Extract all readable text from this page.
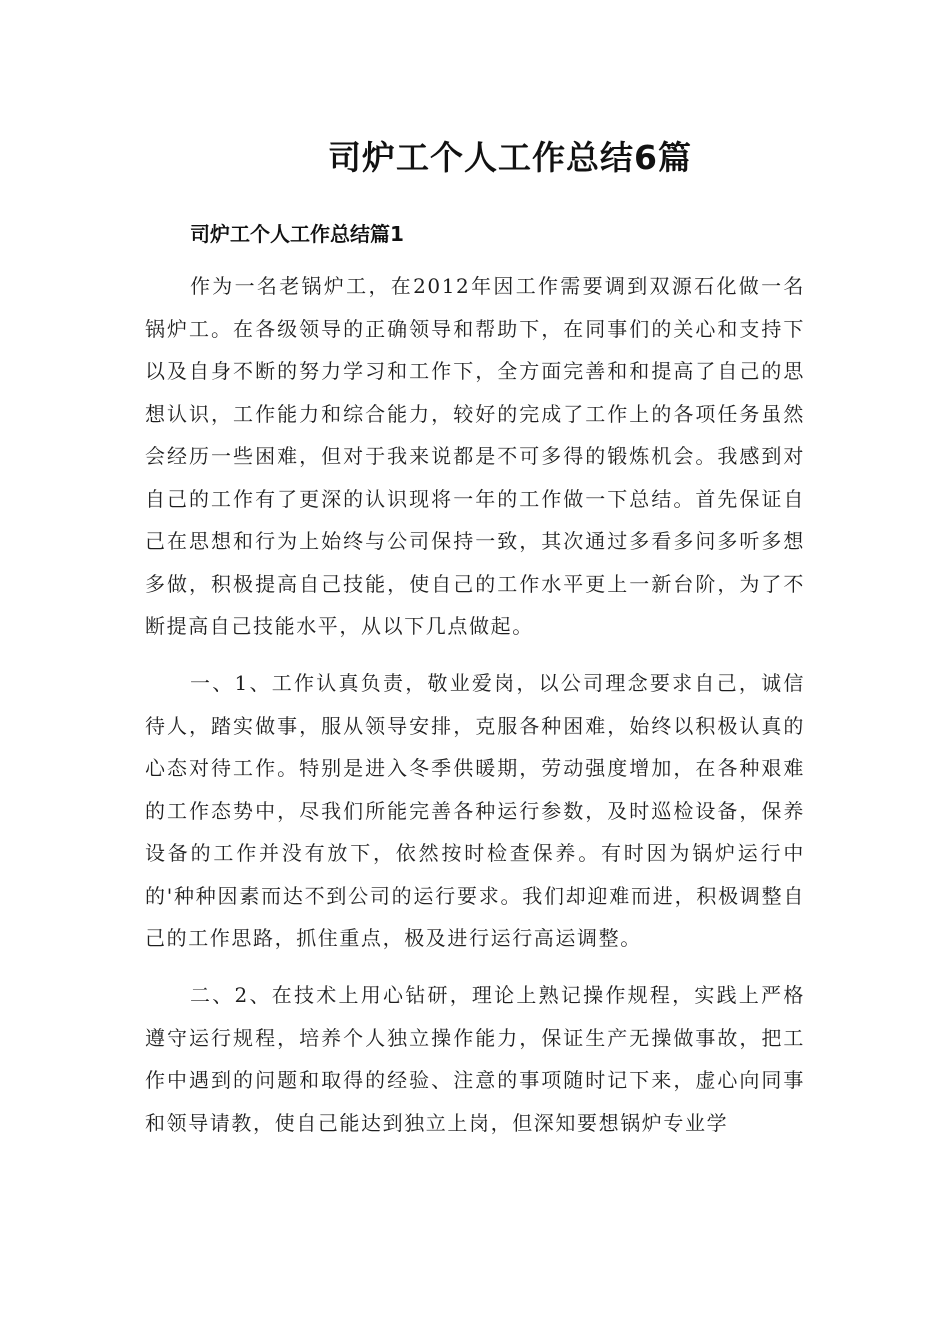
司炉工个人工作总结6篇
司炉工个人工作总结篇1

作为一名老锅炉工，在2012年因工作需要调到双源石化做一名锅炉工。在各级领导的正确领导和帮助下，在同事们的关心和支持下以及自身不断的努力学习和工作下，全方面完善和和提高了自己的思想认识，工作能力和综合能力，较好的完成了工作上的各项任务虽然会经历一些困难，但对于我来说都是不可多得的锻炼机会。我感到对自己的工作有了更深的认识现将一年的工作做一下总结。首先保证自己在思想和行为上始终与公司保持一致，其次通过多看多问多听多想多做，积极提高自己技能，使自己的工作水平更上一新台阶，为了不断提高自己技能水平，从以下几点做起。

一、1、工作认真负责，敬业爱岗，以公司理念要求自己，诚信待人，踏实做事，服从领导安排，克服各种困难，始终以积极认真的心态对待工作。特别是进入冬季供暖期，劳动强度增加，在各种艰难的工作态势中，尽我们所能完善各种运行参数，及时巡检设备，保养设备的工作并没有放下，依然按时检查保养。有时因为锅炉运行中的'种种因素而达不到公司的运行要求。我们却迎难而进，积极调整自己的工作思路，抓住重点，极及进行运行高运调整。

二、2、在技术上用心钻研，理论上熟记操作规程，实践上严格遵守运行规程，培养个人独立操作能力，保证生产无操做事故，把工作中遇到的问题和取得的经验、注意的事项随时记下来，虚心向同事和领导请教，使自己能达到独立上岗，但深知要想锅炉专业学
